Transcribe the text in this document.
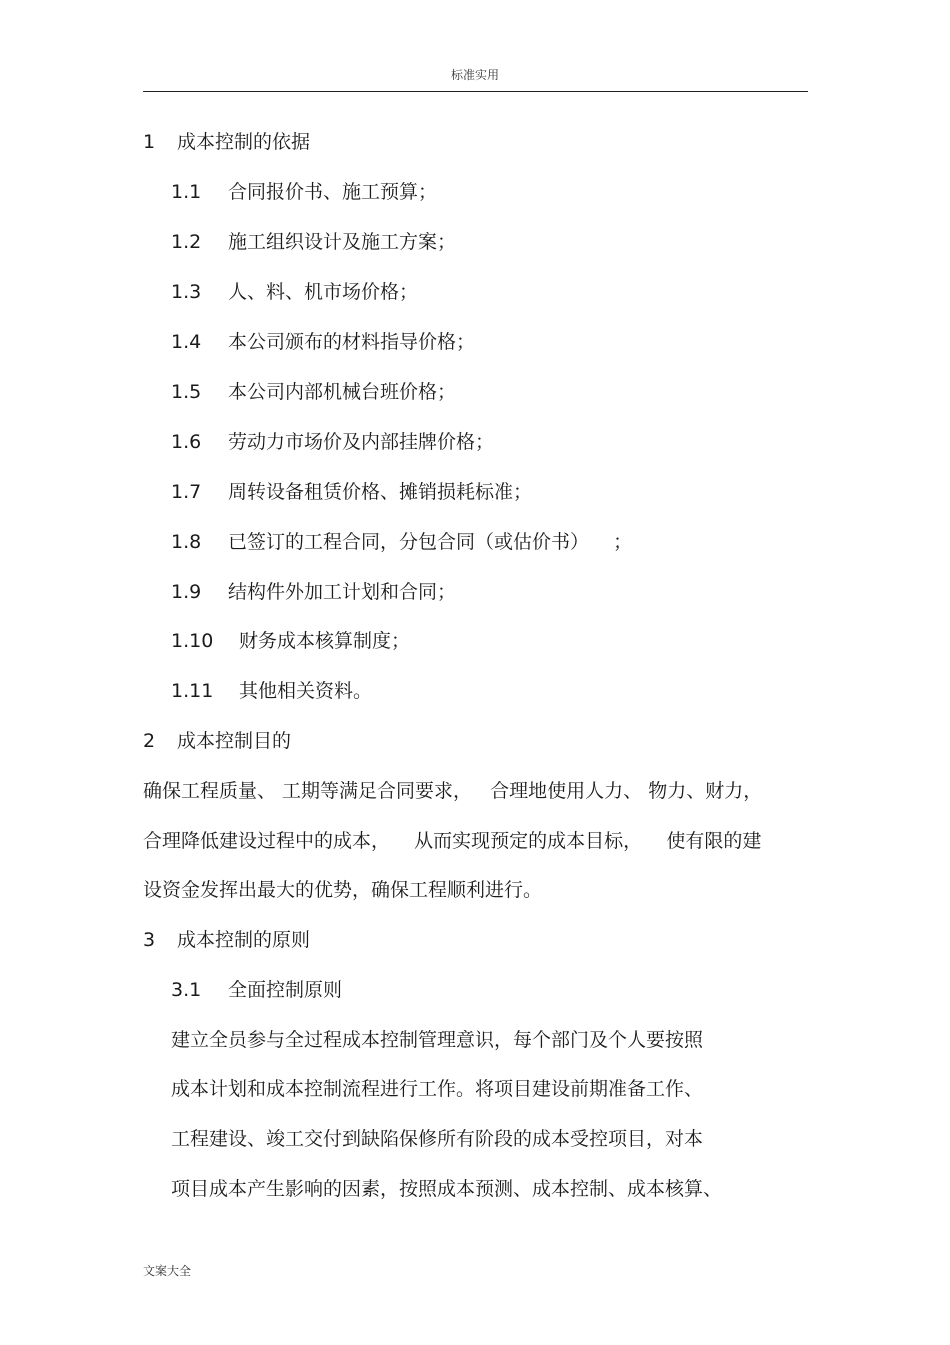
标准实用
1 成本控制的依据
1.1 合同报价书、施工预算；
1.2 施工组织设计及施工方案；
1.3 人、料、机市场价格；
1.4 本公司颁布的材料指导价格；
1.5 本公司内部机械台班价格；
1.6 劳动力市场价及内部挂牌价格；
1.7 周转设备租赁价格、摊销损耗标准；
1.8 已签订的工程合同，分包合同（或估价书）    ；
1.9 结构件外加工计划和合同；
1.10 财务成本核算制度；
1.11 其他相关资料。
2 成本控制目的
确保工程质量、 工期等满足合同要求，   合理地使用人力、 物力、财力，
合理降低建设过程中的成本，    从而实现预定的成本目标，    使有限的建
设资金发挥出最大的优势，确保工程顺利进行。
3 成本控制的原则
3.1 全面控制原则
建立全员参与全过程成本控制管理意识，每个部门及个人要按照
成本计划和成本控制流程进行工作。将项目建设前期准备工作、
工程建设、竣工交付到缺陷保修所有阶段的成本受控项目，对本
项目成本产生影响的因素，按照成本预测、成本控制、成本核算、
文案大全
